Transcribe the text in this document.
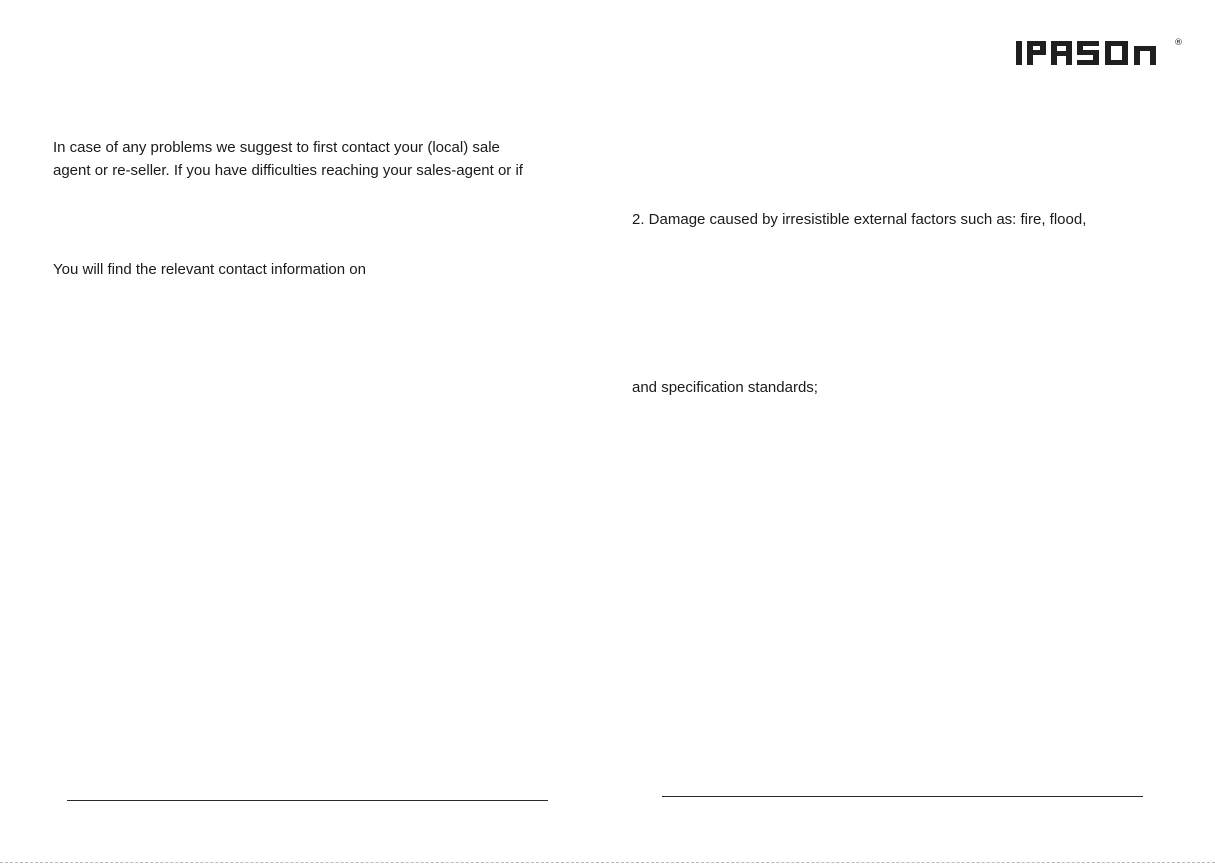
In case of any problems we suggest to first contact your (local) sale
agent or re-seller. If you have difficulties reaching your sales-agent or if
You will find the relevant contact information on
®
2. Damage caused by irresistible external factors such as: fire, flood,
and specification standards;
